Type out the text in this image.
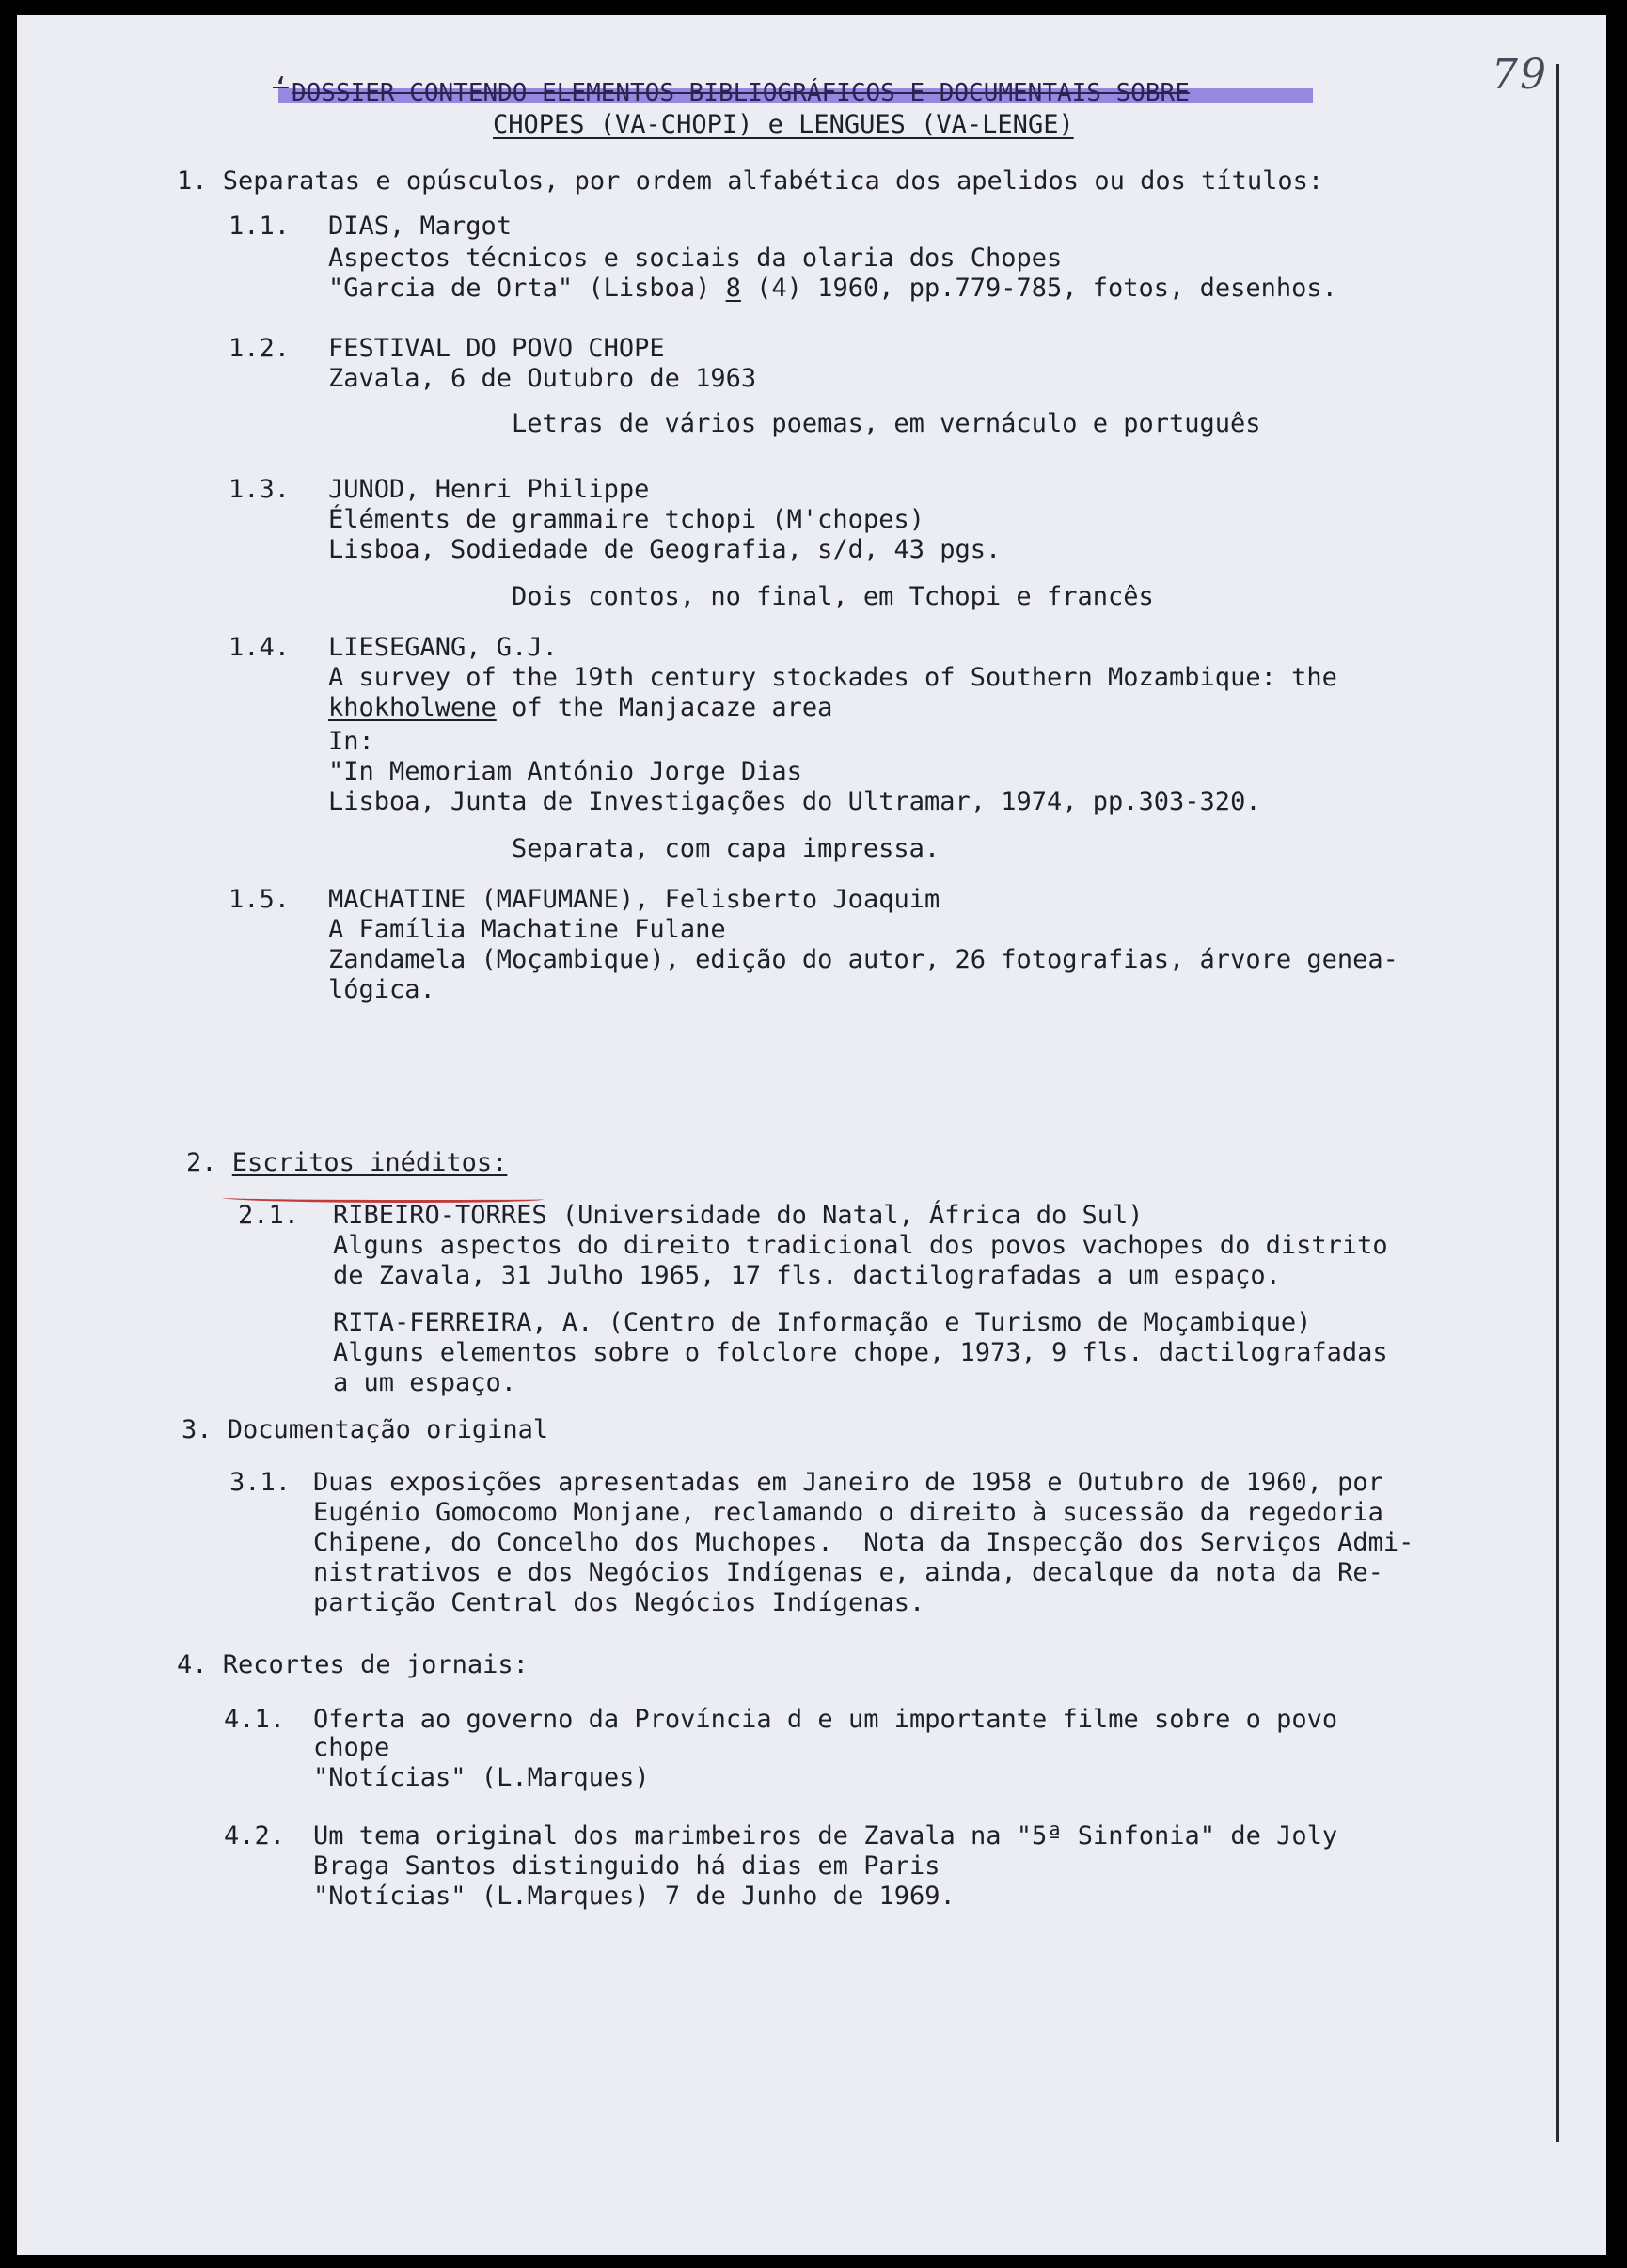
79
‘ DOSSIER CONTENDO ELEMENTOS BIBLIOGRÁFICOS E DOCUMENTAIS SOBRE
CHOPES (VA-CHOPI) e LENGUES (VA-LENGE)
1. Separatas e opúsculos, por ordem alfabética dos apelidos ou dos títulos:
1.1. DIAS, Margot
Aspectos técnicos e sociais da olaria dos Chopes
"Garcia de Orta" (Lisboa) 8 (4) 1960, pp.779-785, fotos, desenhos.
1.2. FESTIVAL DO POVO CHOPE
Zavala, 6 de Outubro de 1963
Letras de vários poemas, em vernáculo e português
1.3. JUNOD, Henri Philippe
Éléments de grammaire tchopi (M'chopes)
Lisboa, Sodiedade de Geografia, s/d, 43 pgs.
Dois contos, no final, em Tchopi e francês
1.4. LIESEGANG, G.J.
A survey of the 19th century stockades of Southern Mozambique: the
khokholwene of the Manjacaze area
In:
"In Memoriam António Jorge Dias
Lisboa, Junta de Investigações do Ultramar, 1974, pp.303-320.
Separata, com capa impressa.
1.5. MACHATINE (MAFUMANE), Felisberto Joaquim
A Família Machatine Fulane
Zandamela (Moçambique), edição do autor, 26 fotografias, árvore genea-
lógica.
2. Escritos inéditos:
2.1. RIBEIRO-TORRES (Universidade do Natal, África do Sul)
Alguns aspectos do direito tradicional dos povos vachopes do distrito
de Zavala, 31 Julho 1965, 17 fls. dactilografadas a um espaço.
RITA-FERREIRA, A. (Centro de Informação e Turismo de Moçambique)
Alguns elementos sobre o folclore chope, 1973, 9 fls. dactilografadas
a um espaço.
3. Documentação original
3.1. Duas exposições apresentadas em Janeiro de 1958 e Outubro de 1960, por
Eugénio Gomocomo Monjane, reclamando o direito à sucessão da regedoria
Chipene, do Concelho dos Muchopes.  Nota da Inspecção dos Serviços Admi-
nistrativos e dos Negócios Indígenas e, ainda, decalque da nota da Re-
partição Central dos Negócios Indígenas.
4. Recortes de jornais:
4.1. Oferta ao governo da Província d e um importante filme sobre o povo
chope
"Notícias" (L.Marques)
4.2. Um tema original dos marimbeiros de Zavala na "5ª Sinfonia" de Joly
Braga Santos distinguido há dias em Paris
"Notícias" (L.Marques) 7 de Junho de 1969.
